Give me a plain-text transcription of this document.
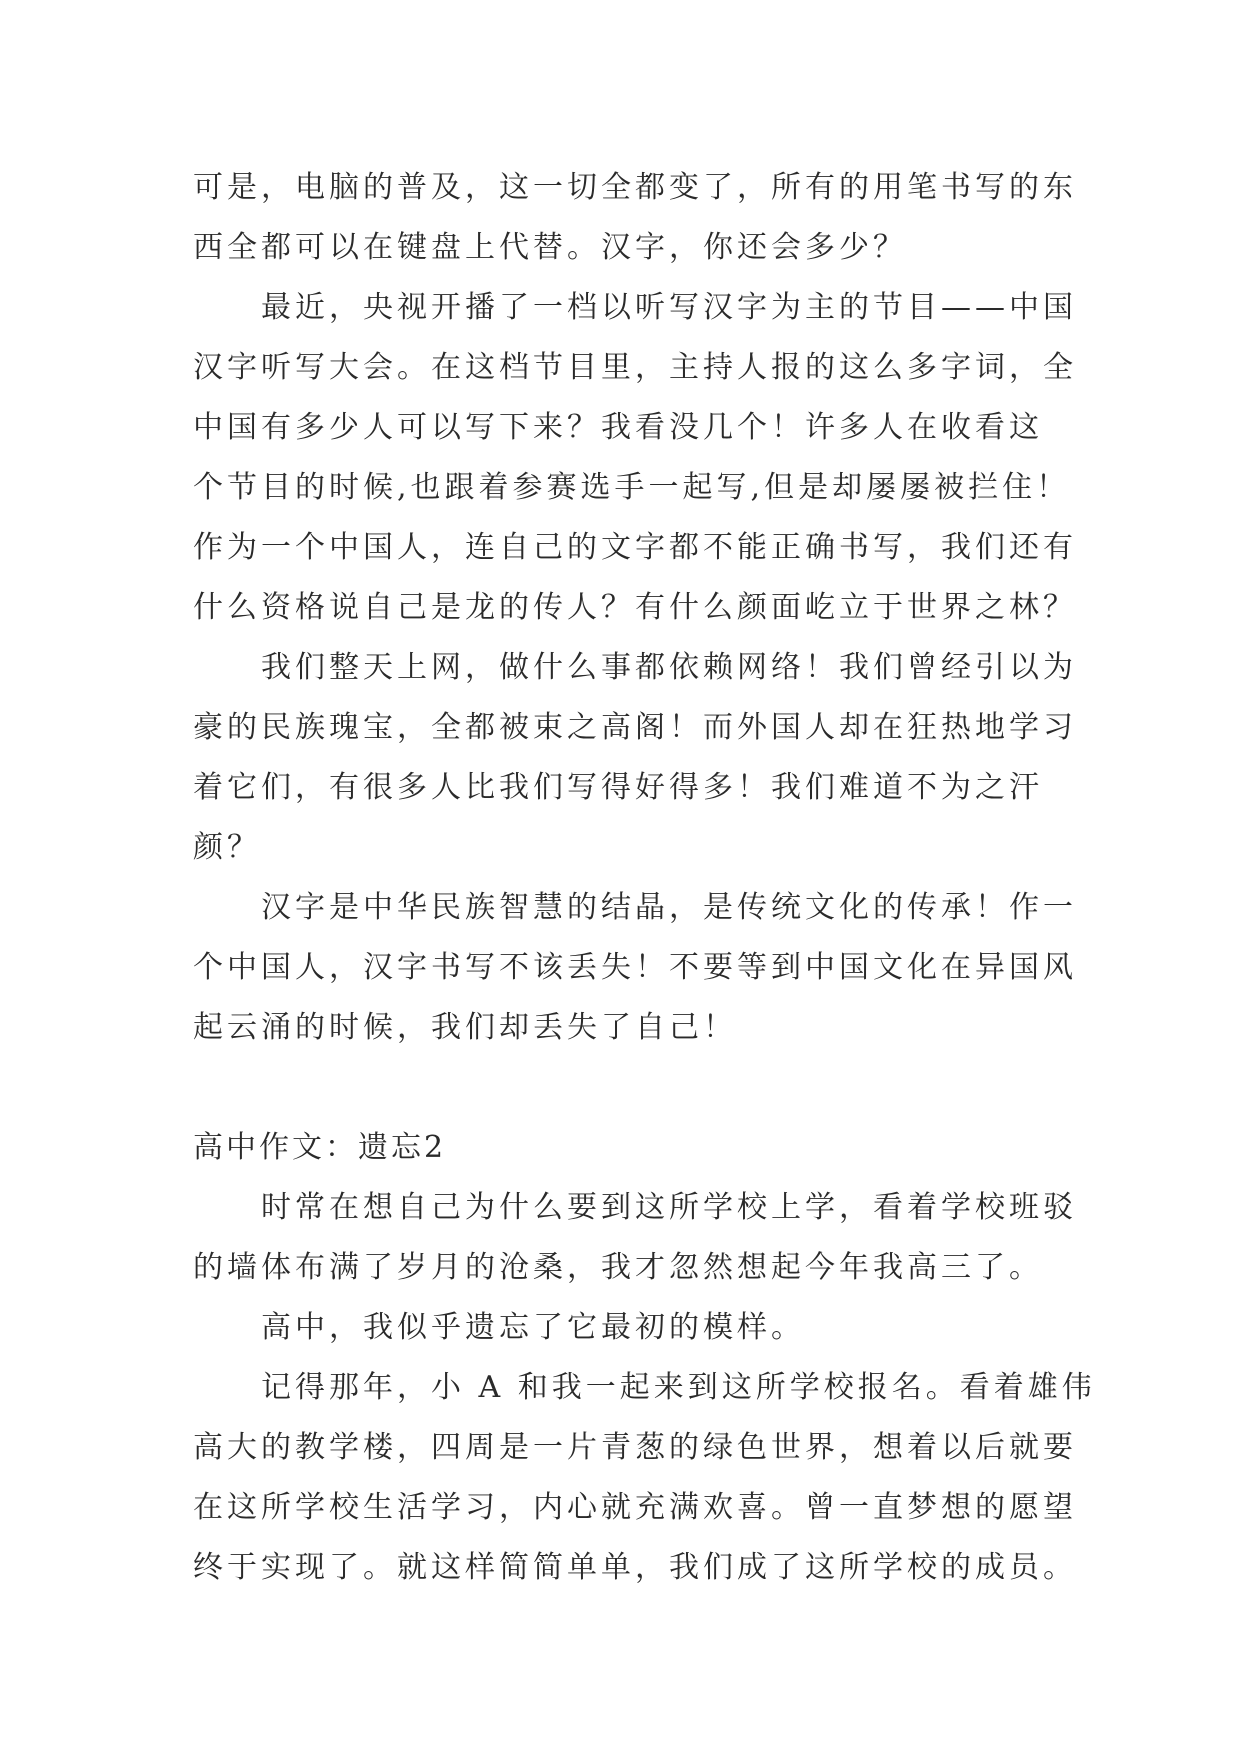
可是，电脑的普及，这一切全都变了，所有的用笔书写的东
西全都可以在键盘上代替。汉字，你还会多少？
最近，央视开播了一档以听写汉字为主的节目——中国
汉字听写大会。在这档节目里，主持人报的这么多字词，全
中国有多少人可以写下来？我看没几个！许多人在收看这
个节目的时候,也跟着参赛选手一起写,但是却屡屡被拦住！
作为一个中国人，连自己的文字都不能正确书写，我们还有
什么资格说自己是龙的传人？有什么颜面屹立于世界之林？
我们整天上网，做什么事都依赖网络！我们曾经引以为
豪的民族瑰宝，全都被束之高阁！而外国人却在狂热地学习
着它们，有很多人比我们写得好得多！我们难道不为之汗
颜？
汉字是中华民族智慧的结晶，是传统文化的传承！作一
个中国人，汉字书写不该丢失！不要等到中国文化在异国风
起云涌的时候，我们却丢失了自己！
高中作文：遗忘2
时常在想自己为什么要到这所学校上学，看着学校班驳
的墙体布满了岁月的沧桑，我才忽然想起今年我高三了。
高中，我似乎遗忘了它最初的模样。
记得那年，小 A 和我一起来到这所学校报名。看着雄伟
高大的教学楼，四周是一片青葱的绿色世界，想着以后就要
在这所学校生活学习，内心就充满欢喜。曾一直梦想的愿望
终于实现了。就这样简简单单，我们成了这所学校的成员。
